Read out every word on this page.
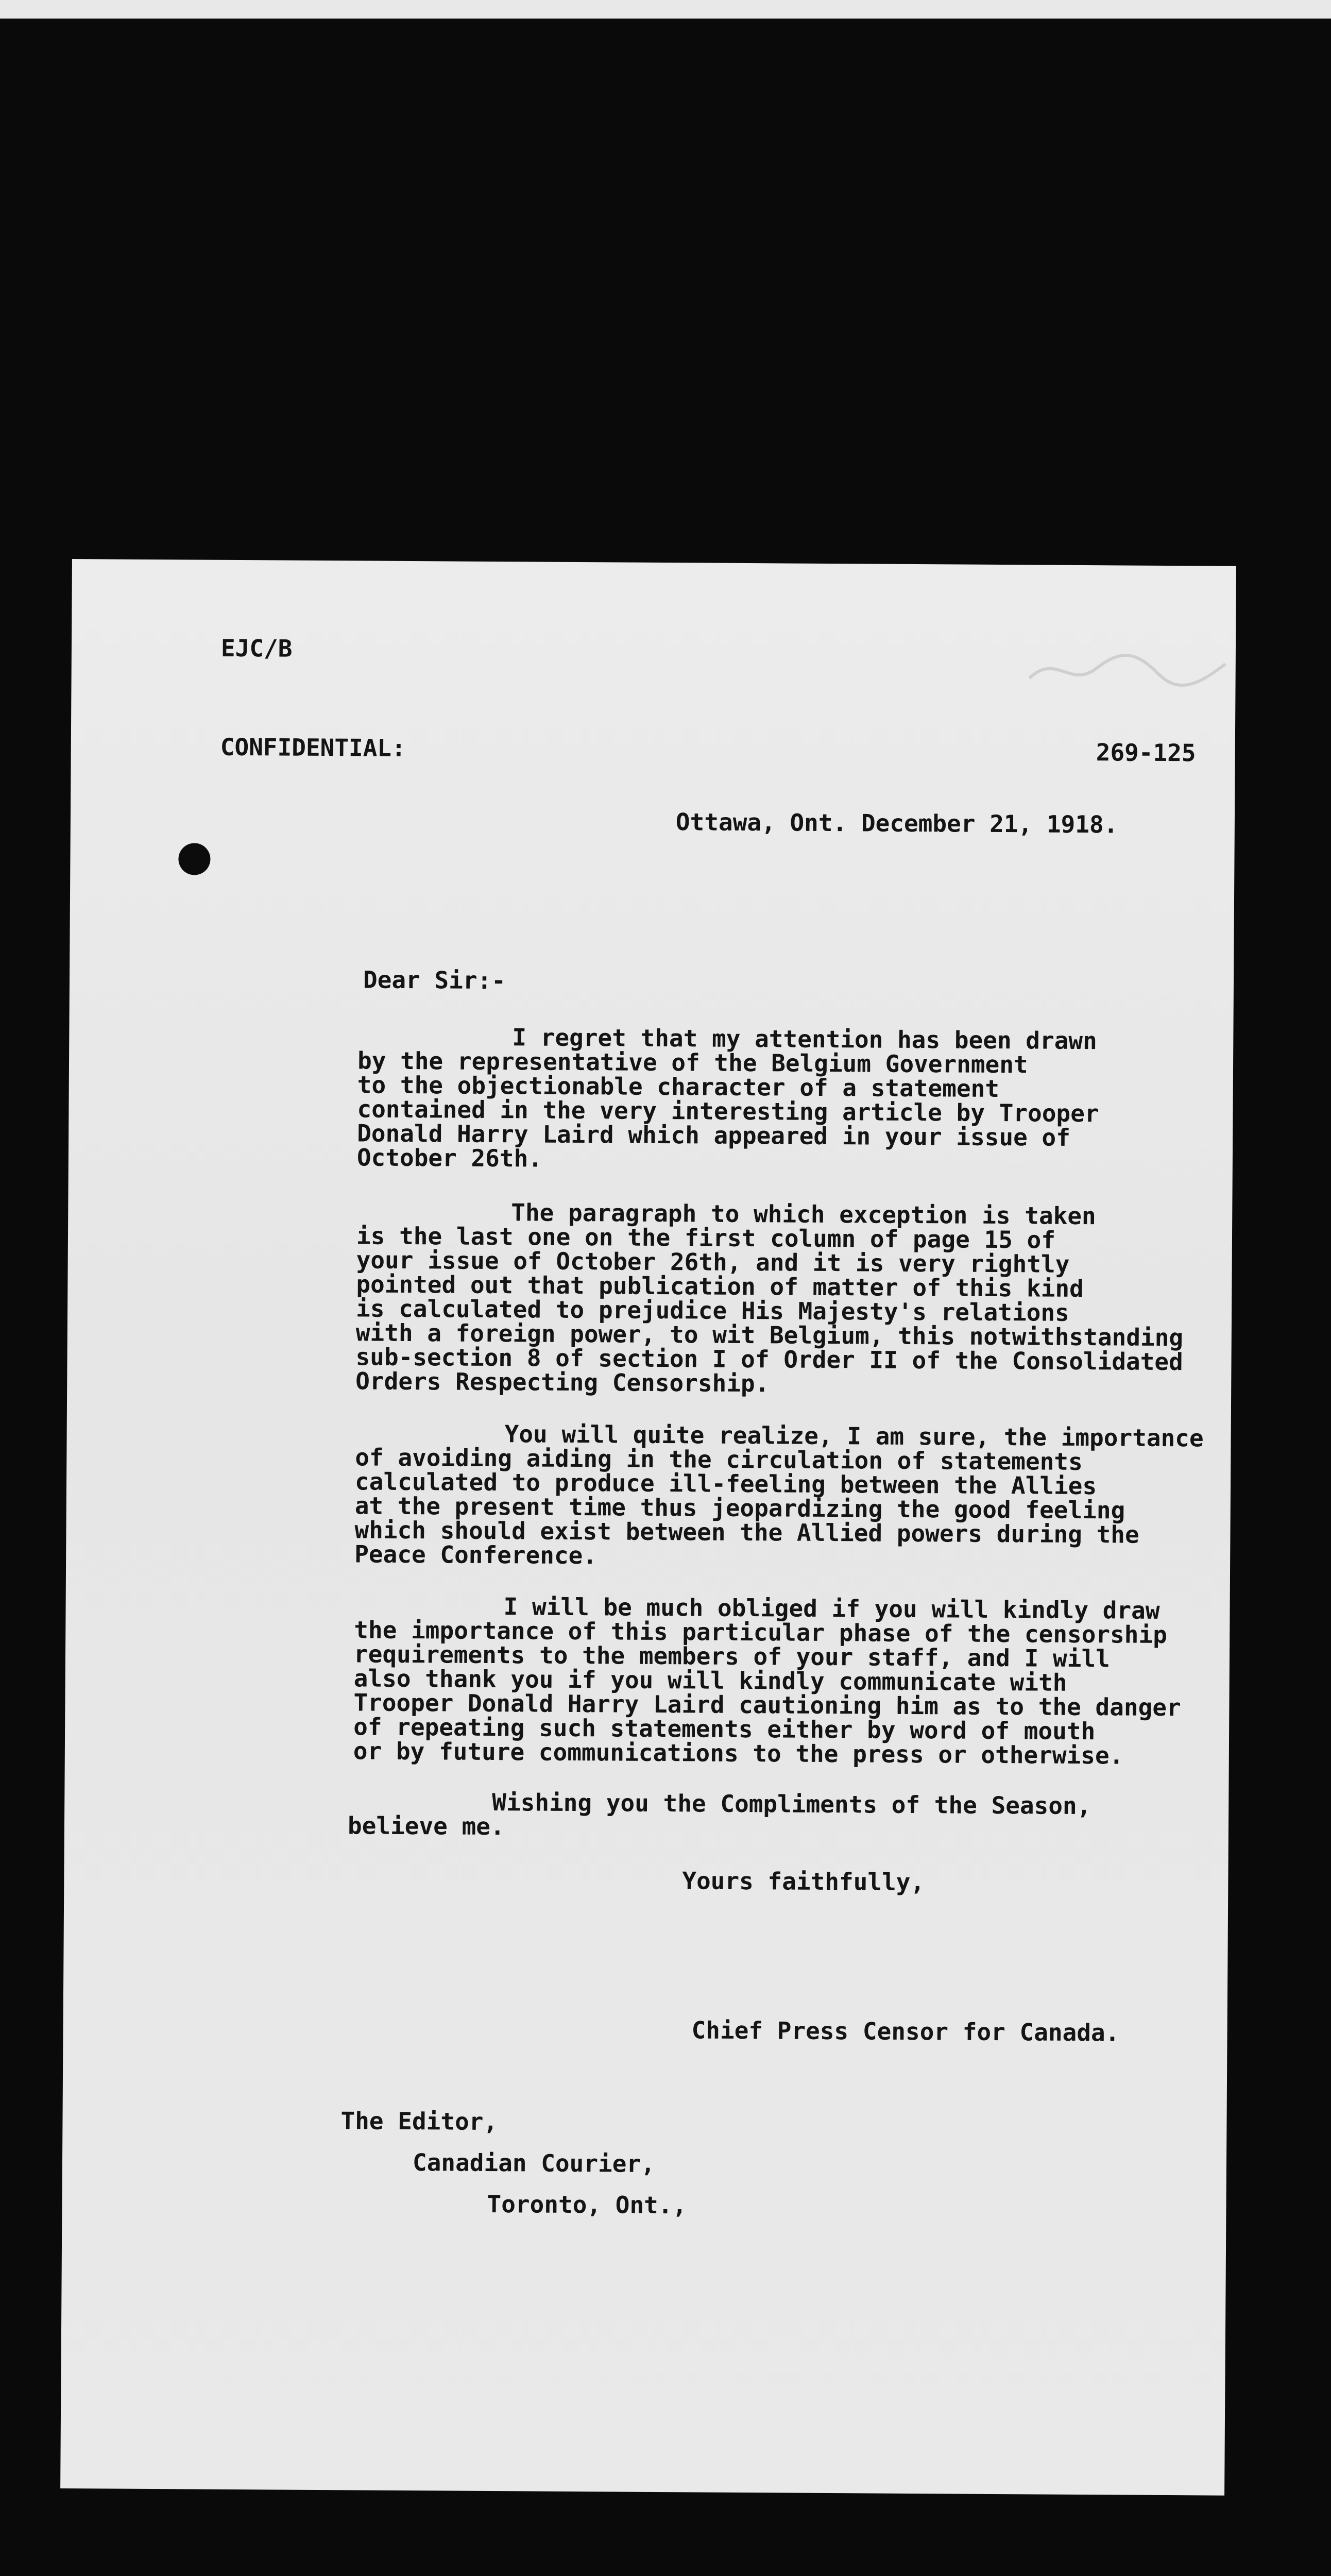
EJC/B
CONFIDENTIAL:	269-125
Ottawa, Ont. December 21, 1918.
Dear Sir:-
I regret that my attention has been drawn
by the representative of the Belgium Government
to the objectionable character of a statement
contained in the very interesting article by Trooper
Donald Harry Laird which appeared in your issue of
October 26th.
The paragraph to which exception is taken
is the last one on the first column of page 15 of
your issue of October 26th, and it is very rightly
pointed out that publication of matter of this kind
is calculated to prejudice His Majesty's relations
with a foreign power, to wit Belgium, this notwithstanding
sub-section 8 of section I of Order II of the Consolidated
Orders Respecting Censorship.
You will quite realize, I am sure, the importance
of avoiding aiding in the circulation of statements
calculated to produce ill-feeling between the Allies
at the present time thus jeopardizing the good feeling
which should exist between the Allied powers during the
Peace Conference.
I will be much obliged if you will kindly draw
the importance of this particular phase of the censorship
requirements to the members of your staff, and I will
also thank you if you will kindly communicate with
Trooper Donald Harry Laird cautioning him as to the danger
of repeating such statements either by word of mouth
or by future communications to the press or otherwise.
Wishing you the Compliments of the Season,
believe me.
Yours faithfully,
Chief Press Censor for Canada.
The Editor,
Canadian Courier,
Toronto, Ont.,
